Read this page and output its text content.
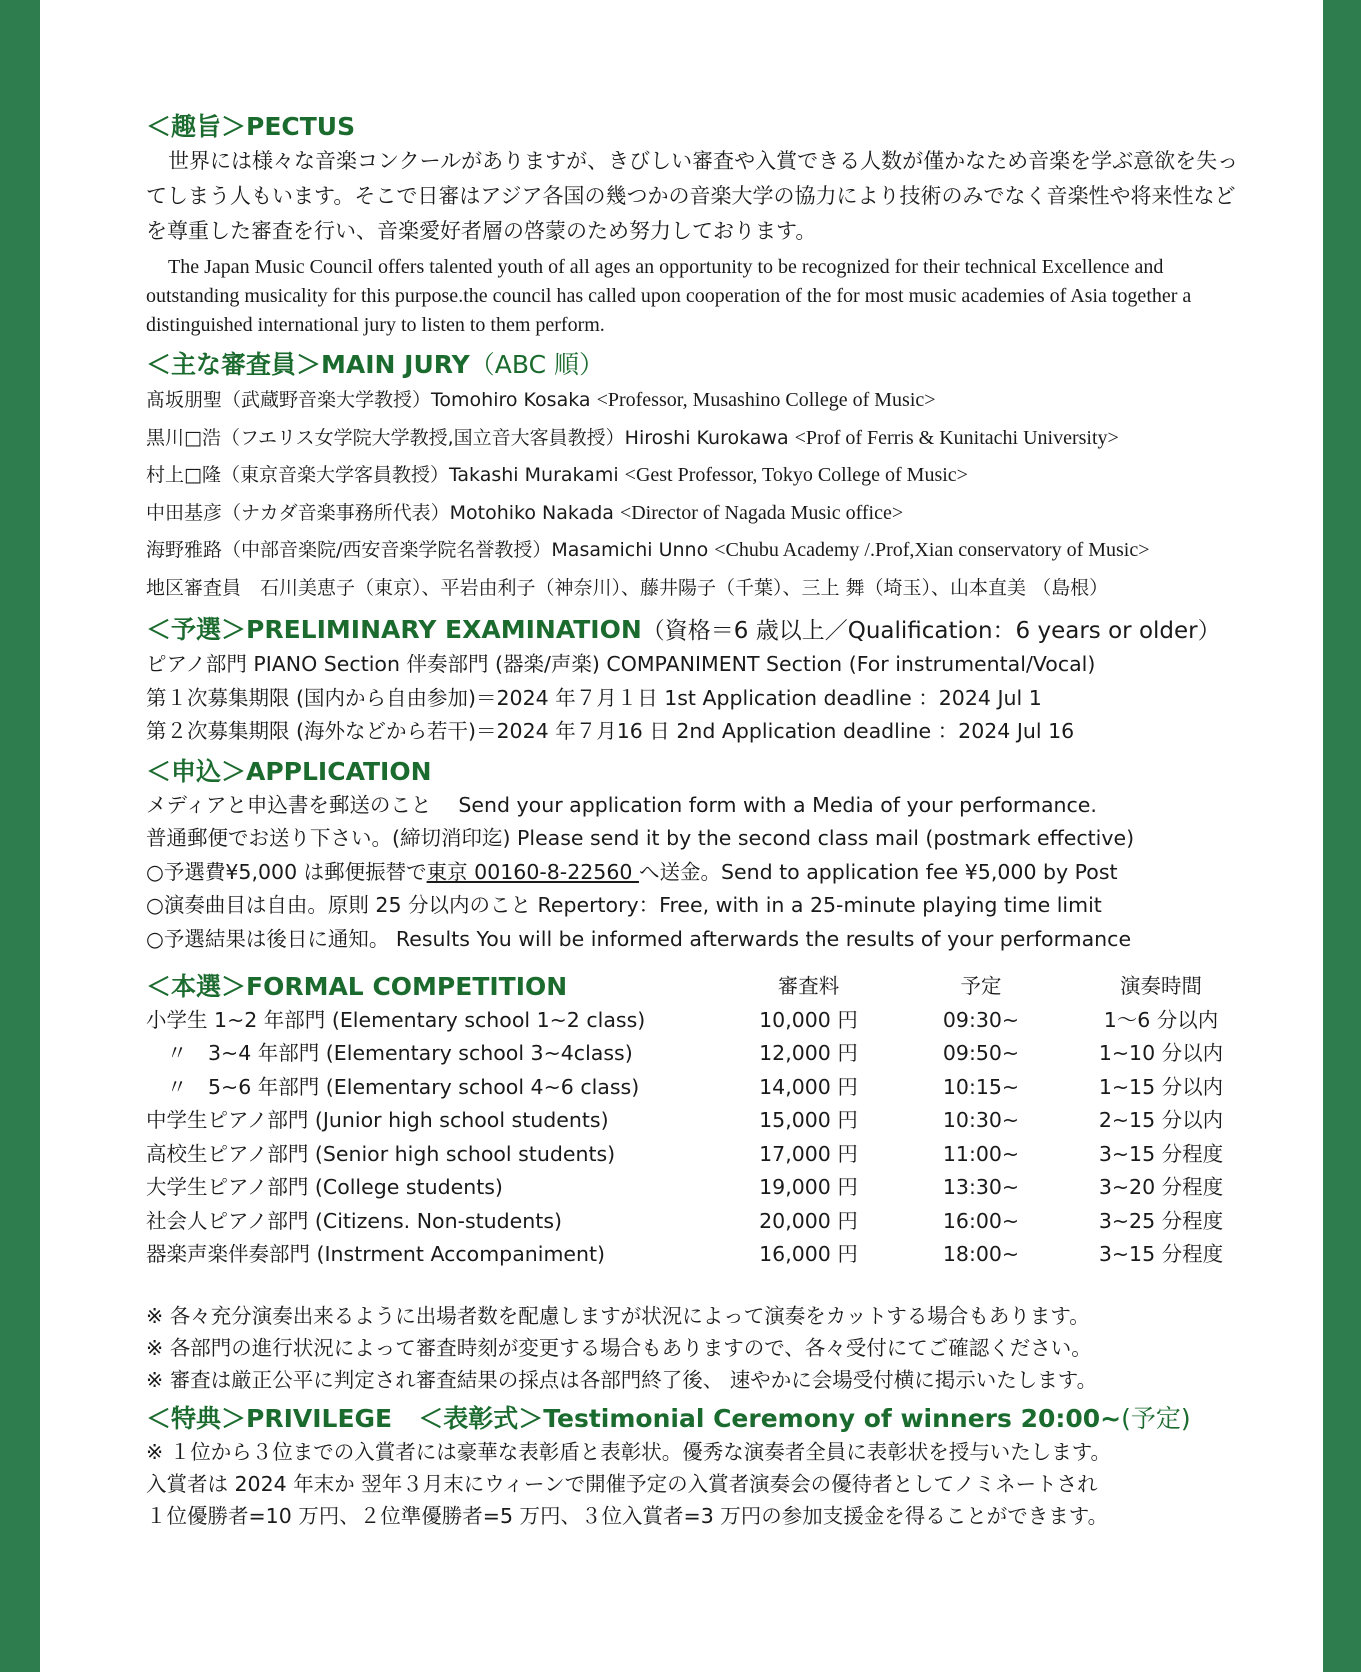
＜趣旨＞PECTUS

世界には様々な音楽コンクールがありますが、きびしい審査や入賞できる人数が僅かなため音楽を学ぶ意欲を失ってしまう人もいます。そこで日審はアジア各国の幾つかの音楽大学の協力により技術のみでなく音楽性や将来性などを尊重した審査を行い、音楽愛好者層の啓蒙のため努力しております。

The Japan Music Council offers talented youth of all ages an opportunity to be recognized for their technical Excellence and outstanding musicality for this purpose.the council has called upon cooperation of the for most music academies of Asia together a distinguished international jury to listen to them perform.

＜主な審査員＞MAIN JURY（ABC 順）

髙坂朋聖（武蔵野音楽大学教授）Tomohiro Kosaka <Professor, Musashino College of Music>

黒川□浩（フエリス女学院大学教授,国立音大客員教授）Hiroshi Kurokawa <Prof of Ferris & Kunitachi University>

村上□隆（東京音楽大学客員教授）Takashi Murakami <Gest Professor, Tokyo College of Music>

中田基彦（ナカダ音楽事務所代表）Motohiko Nakada <Director of Nagada Music office>

海野雅路（中部音楽院/西安音楽学院名誉教授）Masamichi Unno <Chubu Academy /.Prof,Xian conservatory of Music>

地区審査員　石川美恵子（東京）、平岩由利子（神奈川）、藤井陽子（千葉）、三上 舞（埼玉）、山本直美 （島根）

＜予選＞PRELIMINARY EXAMINATION（資格＝6 歳以上／Qualification：6 years or older）

ピアノ部門 PIANO Section 伴奏部門 (器楽/声楽) COMPANIMENT Section (For instrumental/Vocal)

第１次募集期限 (国内から自由参加)＝2024 年７月１日 1st Application deadline ：2024 Jul 1

第２次募集期限 (海外などから若干)＝2024 年７月16 日 2nd Application deadline ：2024 Jul 16

＜申込＞APPLICATION

メディアと申込書を郵送のこと　 Send your application form with a Media of your performance.

普通郵便でお送り下さい。(締切消印迄) Please send it by the second class mail (postmark effective)

○予選費¥5,000 は郵便振替で東京 00160-8-22560 へ送金。Send to application fee ¥5,000 by Post

○演奏曲目は自由。原則 25 分以内のこと Repertory：Free, with in a 25-minute playing time limit

○予選結果は後日に通知。 Results You will be informed afterwards the results of your performance

＜本選＞FORMAL COMPETITION	審査料	予定	演奏時間
小学生 1~2 年部門 (Elementary school 1~2 class)	10,000 円	09:30~	1～6 分以内
〃 3~4 年部門 (Elementary school 3~4class)	12,000 円	09:50~	1~10 分以内
〃 5~6 年部門 (Elementary school 4~6 class)	14,000 円	10:15~	1~15 分以内
中学生ピアノ部門 (Junior high school students)	15,000 円	10:30~	2~15 分以内
高校生ピアノ部門 (Senior high school students)	17,000 円	11:00~	3~15 分程度
大学生ピアノ部門 (College students)	19,000 円	13:30~	3~20 分程度
社会人ピアノ部門 (Citizens. Non-students)	20,000 円	16:00~	3~25 分程度
器楽声楽伴奏部門 (Instrment Accompaniment)	16,000 円	18:00~	3~15 分程度

※ 各々充分演奏出来るように出場者数を配慮しますが状況によって演奏をカットする場合もあります。

※ 各部門の進行状況によって審査時刻が変更する場合もありますので、各々受付にてご確認ください。

※ 審査は厳正公平に判定され審査結果の採点は各部門終了後、 速やかに会場受付横に掲示いたします。

＜特典＞PRIVILEGE ＜表彰式＞Testimonial Ceremony of winners 20:00~(予定)

※ １位から３位までの入賞者には豪華な表彰盾と表彰状。優秀な演奏者全員に表彰状を授与いたします。

入賞者は 2024 年末か 翌年３月末にウィーンで開催予定の入賞者演奏会の優待者としてノミネートされ

１位優勝者=10 万円、２位準優勝者=5 万円、３位入賞者=3 万円の参加支援金を得ることができます。
